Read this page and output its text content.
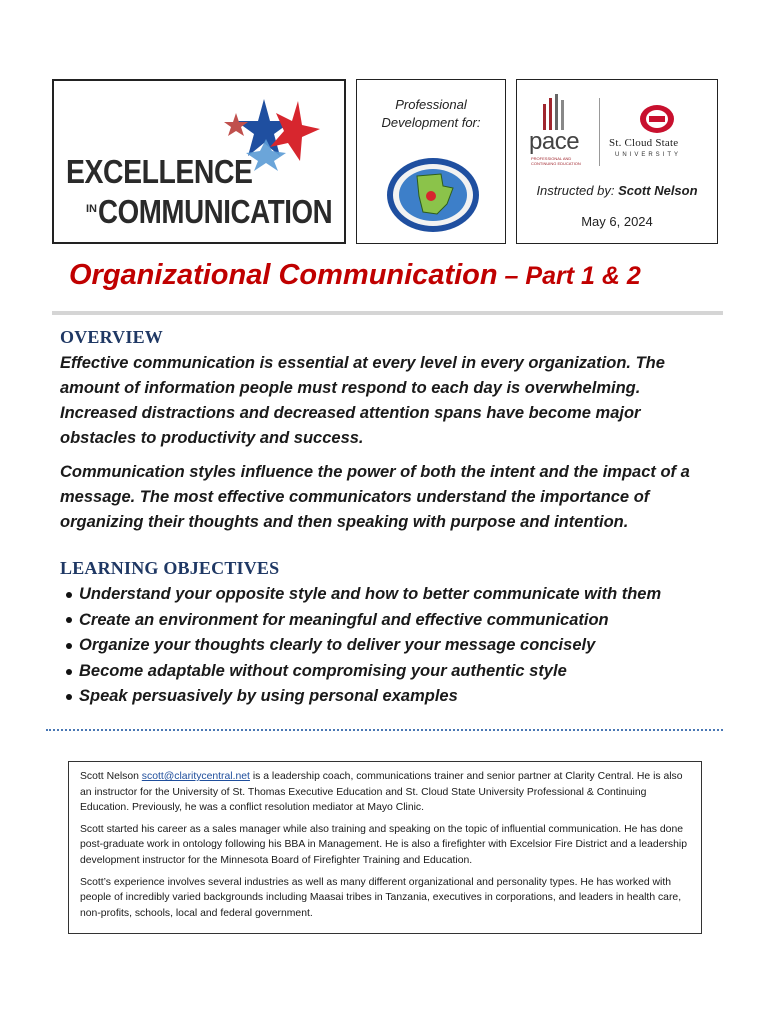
EXCELLENCE
IN COMMUNICATION
Professional
Development for:
pace
PROFESSIONAL AND CONTINUING EDUCATION
St. Cloud State
UNIVERSITY
Instructed by: Scott Nelson
May 6, 2024
Organizational Communication – Part 1 & 2
OVERVIEW

Effective communication is essential at every level in every organization. The amount of information people must respond to each day is overwhelming. Increased distractions and decreased attention spans have become major obstacles to productivity and success.

Communication styles influence the power of both the intent and the impact of a message. The most effective communicators understand the importance of organizing their thoughts and then speaking with purpose and intention.

LEARNING OBJECTIVES
Understand your opposite style and how to better communicate with them
Create an environment for meaningful and effective communication
Organize your thoughts clearly to deliver your message concisely
Become adaptable without compromising your authentic style
Speak persuasively by using personal examples

Scott Nelson scott@claritycentral.net is a leadership coach, communications trainer and senior partner at Clarity Central. He is also an instructor for the University of St. Thomas Executive Education and St. Cloud State University Professional & Continuing Education. Previously, he was a conflict resolution mediator at Mayo Clinic.

Scott started his career as a sales manager while also training and speaking on the topic of influential communication. He has done post-graduate work in ontology following his BBA in Management. He is also a firefighter with Excelsior Fire District and a leadership development instructor for the Minnesota Board of Firefighter Training and Education.

Scott’s experience involves several industries as well as many different organizational and personality types. He has worked with people of incredibly varied backgrounds including Maasai tribes in Tanzania, executives in corporations, and leaders in health care, non-profits, schools, local and federal government.
